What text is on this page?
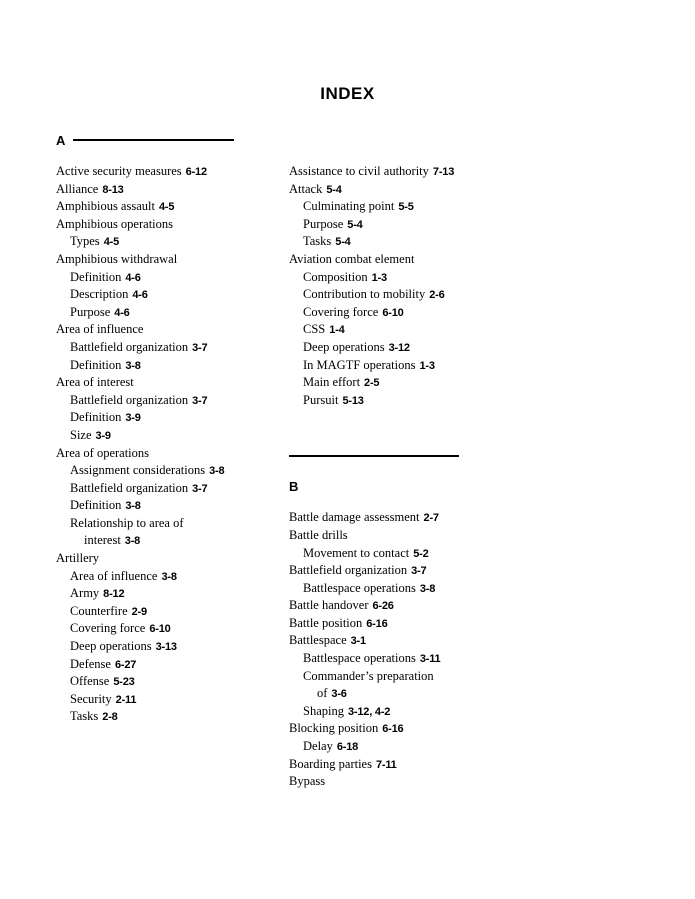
INDEX
A
Active security measures 6-12
Alliance 8-13
Amphibious assault 4-5
Amphibious operations
Types 4-5
Amphibious withdrawal
Definition 4-6
Description 4-6
Purpose 4-6
Area of influence
Battlefield organization 3-7
Definition 3-8
Area of interest
Battlefield organization 3-7
Definition 3-9
Size 3-9
Area of operations
Assignment considerations 3-8
Battlefield organization 3-7
Definition 3-8
Relationship to area of
interest 3-8
Artillery
Area of influence 3-8
Army 8-12
Counterfire 2-9
Covering force 6-10
Deep operations 3-13
Defense 6-27
Offense 5-23
Security 2-11
Tasks 2-8
Assistance to civil authority 7-13
Attack 5-4
Culminating point 5-5
Purpose 5-4
Tasks 5-4
Aviation combat element
Composition 1-3
Contribution to mobility 2-6
Covering force 6-10
CSS 1-4
Deep operations 3-12
In MAGTF operations 1-3
Main effort 2-5
Pursuit 5-13
B
Battle damage assessment 2-7
Battle drills
Movement to contact 5-2
Battlefield organization 3-7
Battlespace operations 3-8
Battle handover 6-26
Battle position 6-16
Battlespace 3-1
Battlespace operations 3-11
Commander’s preparation
of 3-6
Shaping 3-12, 4-2
Blocking position 6-16
Delay 6-18
Boarding parties 7-11
Bypass
